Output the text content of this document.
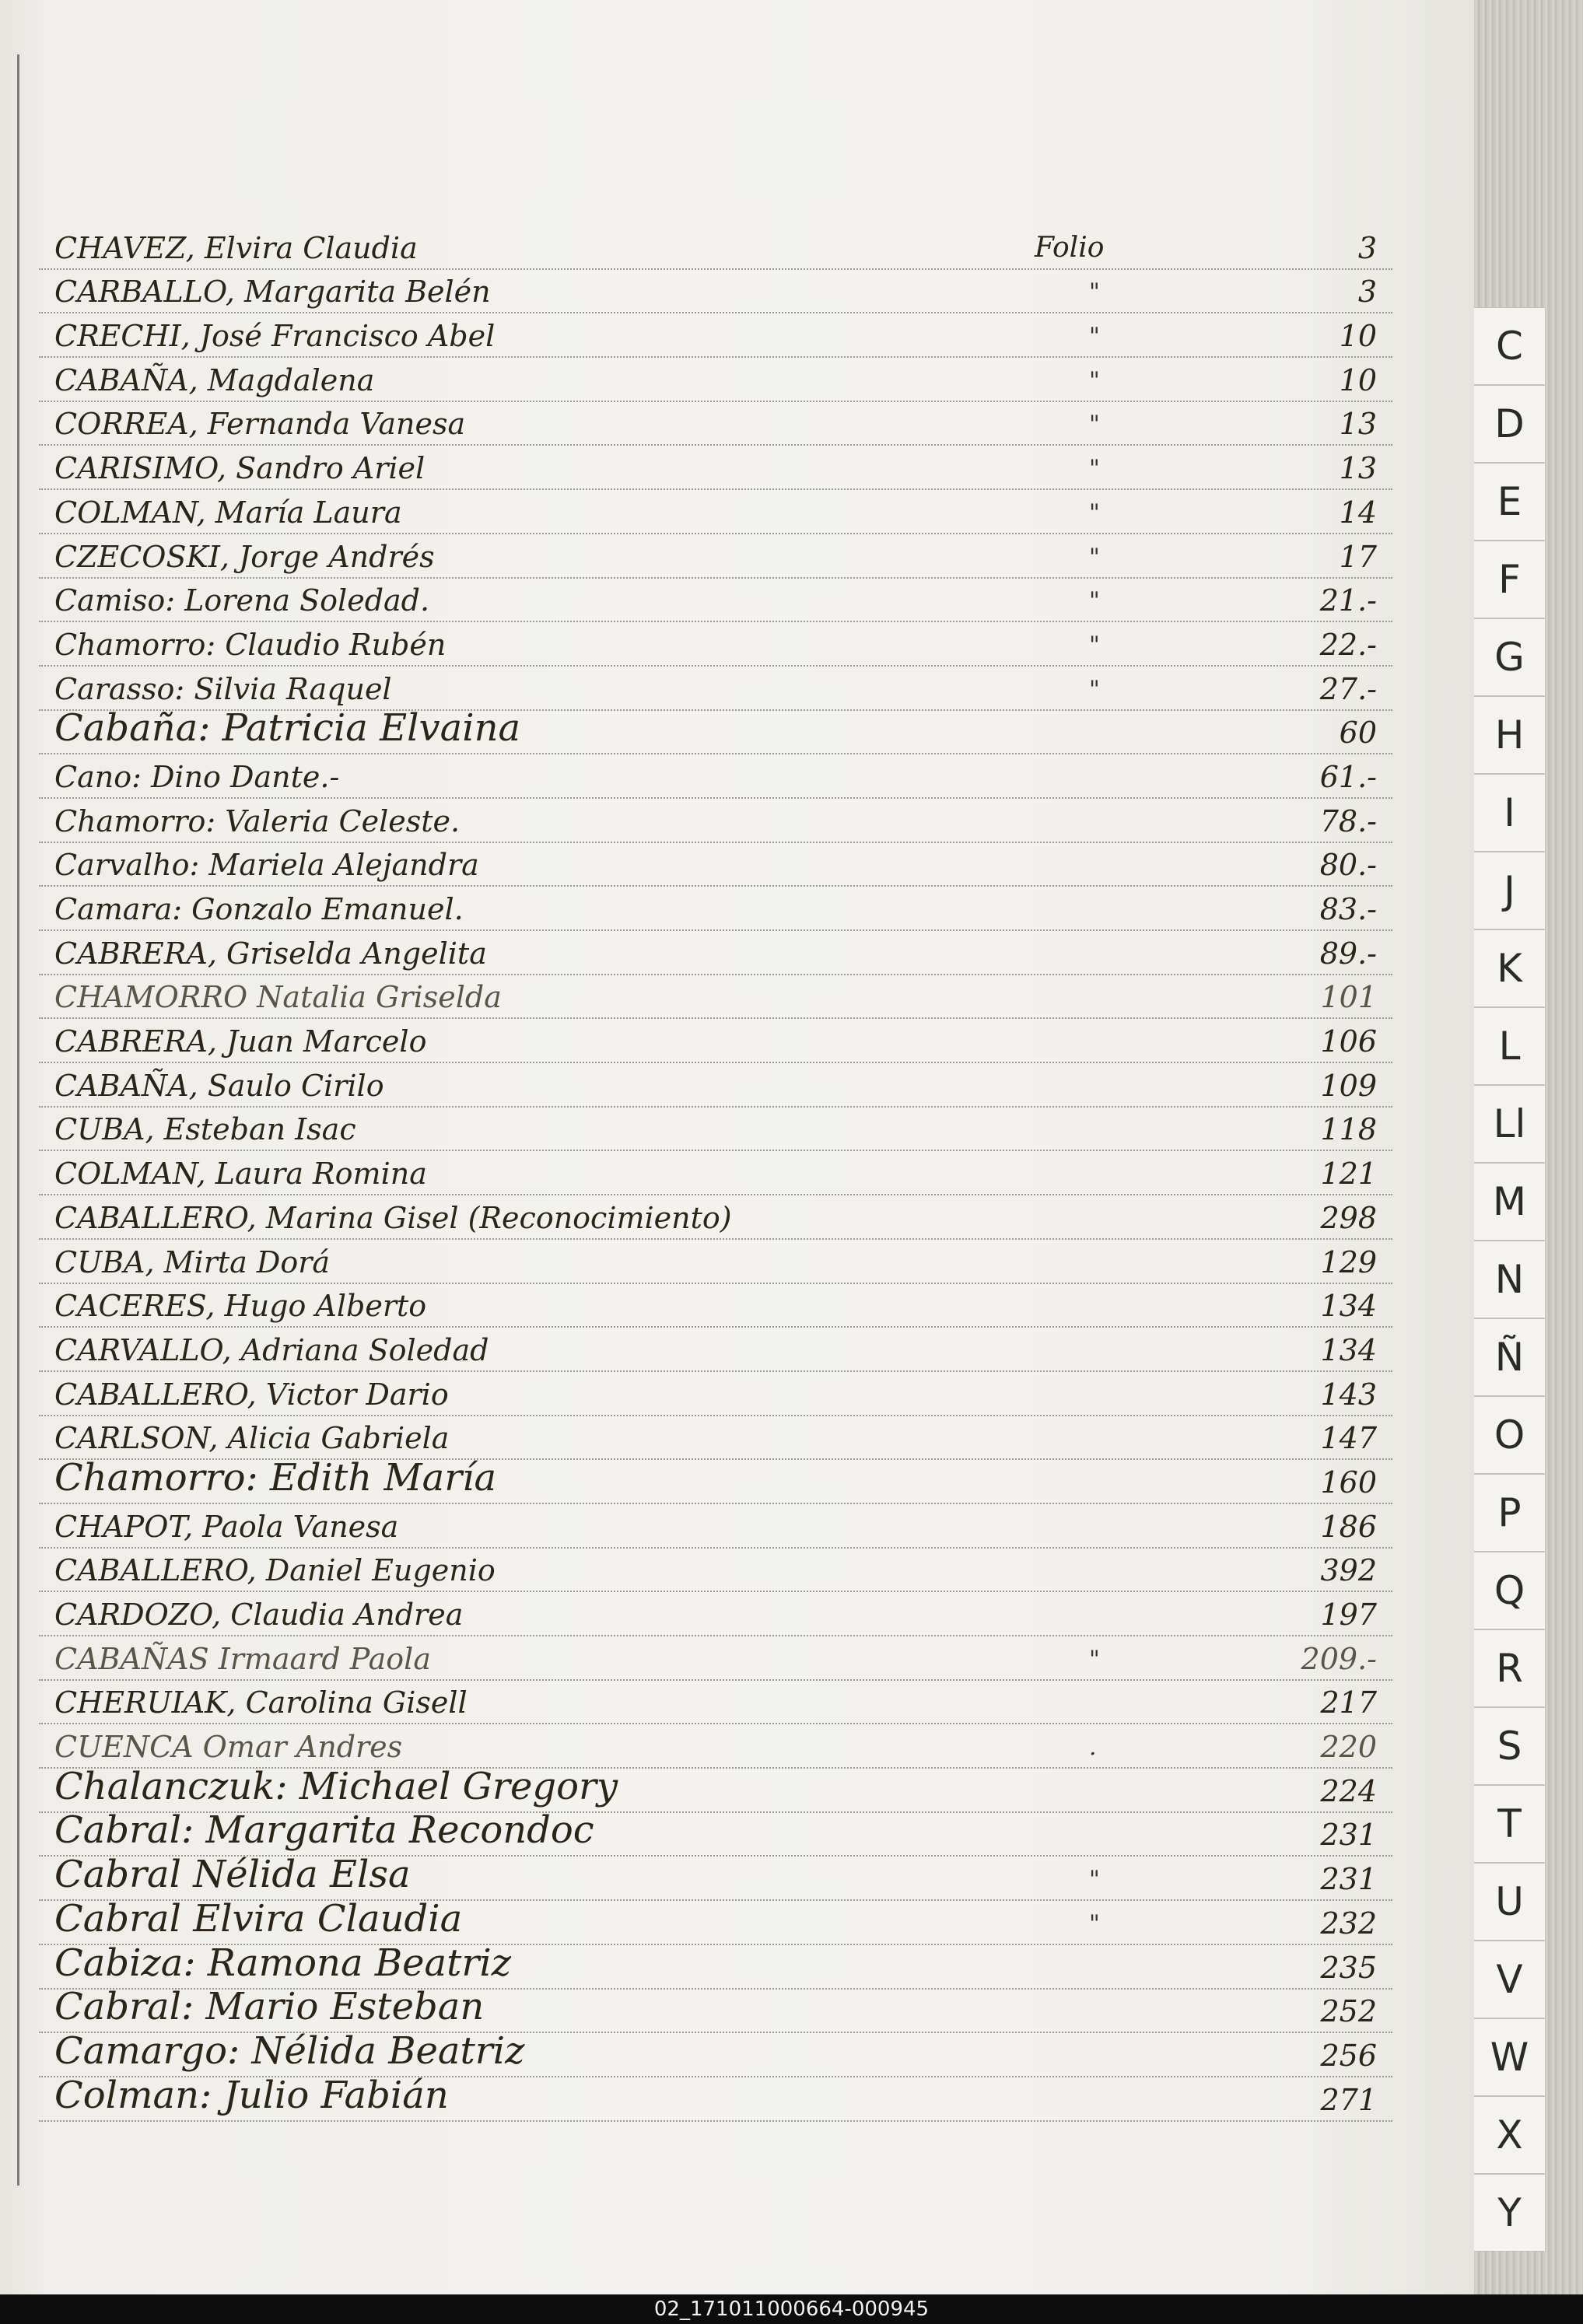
CHAVEZ, Elvira Claudia	Folio	3
CARBALLO, Margarita Belén	"	3
CRECHI, José Francisco Abel	"	10
CABAÑA, Magdalena	"	10
CORREA, Fernanda Vanesa	"	13
CARISIMO, Sandro Ariel	"	13
COLMAN, María Laura	"	14
CZECOSKI, Jorge Andrés	"	17
Camiso: Lorena Soledad.	"	21.-
Chamorro: Claudio Rubén	"	22.-
Carasso: Silvia Raquel	"	27.-
Cabaña: Patricia Elvaina	60
Cano: Dino Dante.-	61.-
Chamorro: Valeria Celeste.	78.-
Carvalho: Mariela Alejandra	80.-
Camara: Gonzalo Emanuel.	83.-
CABRERA, Griselda Angelita	89.-
CHAMORRO Natalia Griselda	101
CABRERA, Juan Marcelo	106
CABAÑA, Saulo Cirilo	109
CUBA, Esteban Isac	118
COLMAN, Laura Romina	121
CABALLERO, Marina Gisel (Reconocimiento)	298
CUBA, Mirta Dorá	129
CACERES, Hugo Alberto	134
CARVALLO, Adriana Soledad	134
CABALLERO, Victor Dario	143
CARLSON, Alicia Gabriela	147
Chamorro: Edith María	160
CHAPOT, Paola Vanesa	186
CABALLERO, Daniel Eugenio	392
CARDOZO, Claudia Andrea	197
CABAÑAS Irmaard Paola	"	209.-
CHERUIAK, Carolina Gisell	217
CUENCA Omar Andres	.	220
Chalanczuk: Michael Gregory	224
Cabral: Margarita Recondoc	231
Cabral Nélida Elsa	"	231
Cabral Elvira Claudia	"	232
Cabiza: Ramona Beatriz	235
Cabral: Mario Esteban	252
Camargo: Nélida Beatriz	256
Colman: Julio Fabián	271
C
D
E
F
G
H
I
J
K
L
Ll
M
N
Ñ
O
P
Q
R
S
T
U
V
W
X
Y
02_171011000664-000945
